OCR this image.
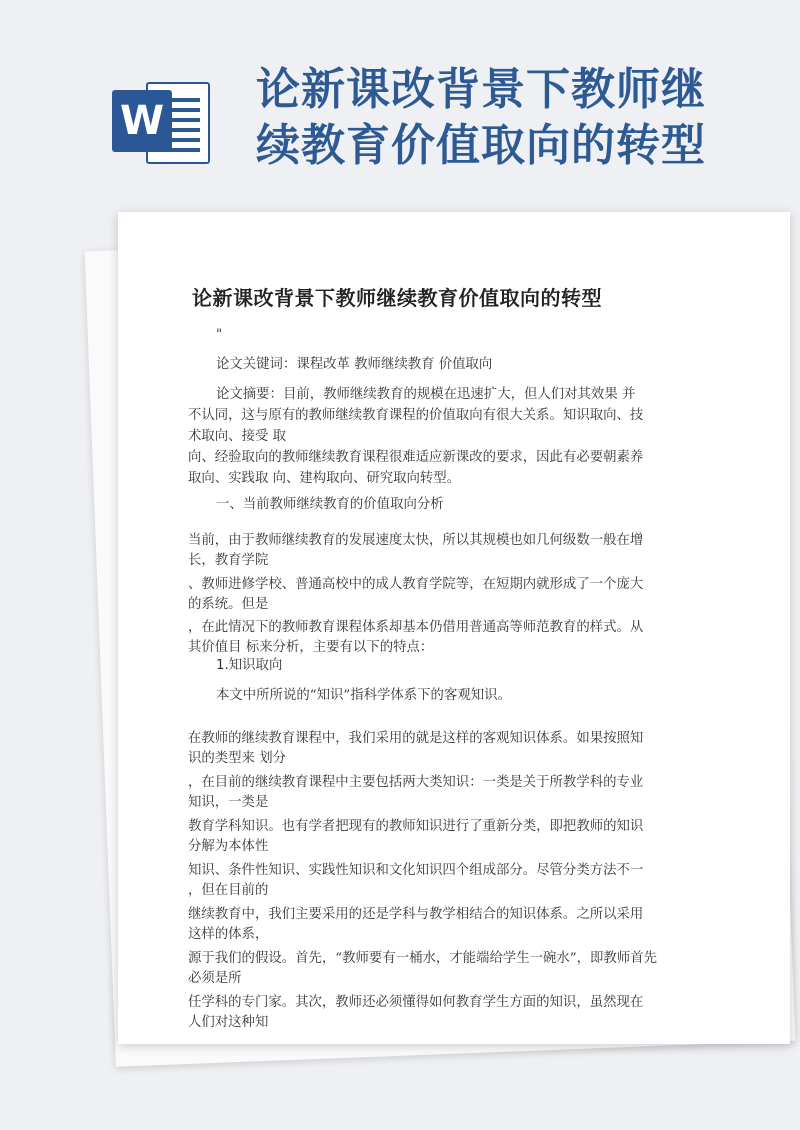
W
论新课改背景下教师继续教育价值取向的转型
论新课改背景下教师继续教育价值取向的转型

"

论文关键词：课程改革 教师继续教育 价值取向

论文摘要：目前，教师继续教育的规模在迅速扩大，但人们对其效果 并

不认同，这与原有的教师继续教育课程的价值取向有很大关系。知识取向、技

术取向、接受 取

向、经验取向的教师继续教育课程很难适应新课改的要求，因此有必要朝素养

取向、实践取 向、建构取向、研究取向转型。

一、当前教师继续教育的价值取向分析

当前，由于教师继续教育的发展速度太快，所以其规模也如几何级数一般在增

长，教育学院

、教师进修学校、普通高校中的成人教育学院等，在短期内就形成了一个庞大

的系统。但是

，在此情况下的教师教育课程体系却基本仍借用普通高等师范教育的样式。从

其价值目 标来分析，主要有以下的特点：

1.知识取向

本文中所所说的“知识”指科学体系下的客观知识。

在教师的继续教育课程中，我们采用的就是这样的客观知识体系。如果按照知

识的类型来 划分

，在目前的继续教育课程中主要包括两大类知识：一类是关于所教学科的专业

知识，一类是

教育学科知识。也有学者把现有的教师知识进行了重新分类，即把教师的知识

分解为本体性

知识、条件性知识、实践性知识和文化知识四个组成部分。尽管分类方法不一

，但在目前的

继续教育中，我们主要采用的还是学科与教学相结合的知识体系。之所以采用

这样的体系，

源于我们的假设。首先，“教师要有一桶水，才能端给学生一碗水”，即教师首先

必须是所

任学科的专门家。其次，教师还必须懂得如何教育学生方面的知识，虽然现在

人们对这种知
